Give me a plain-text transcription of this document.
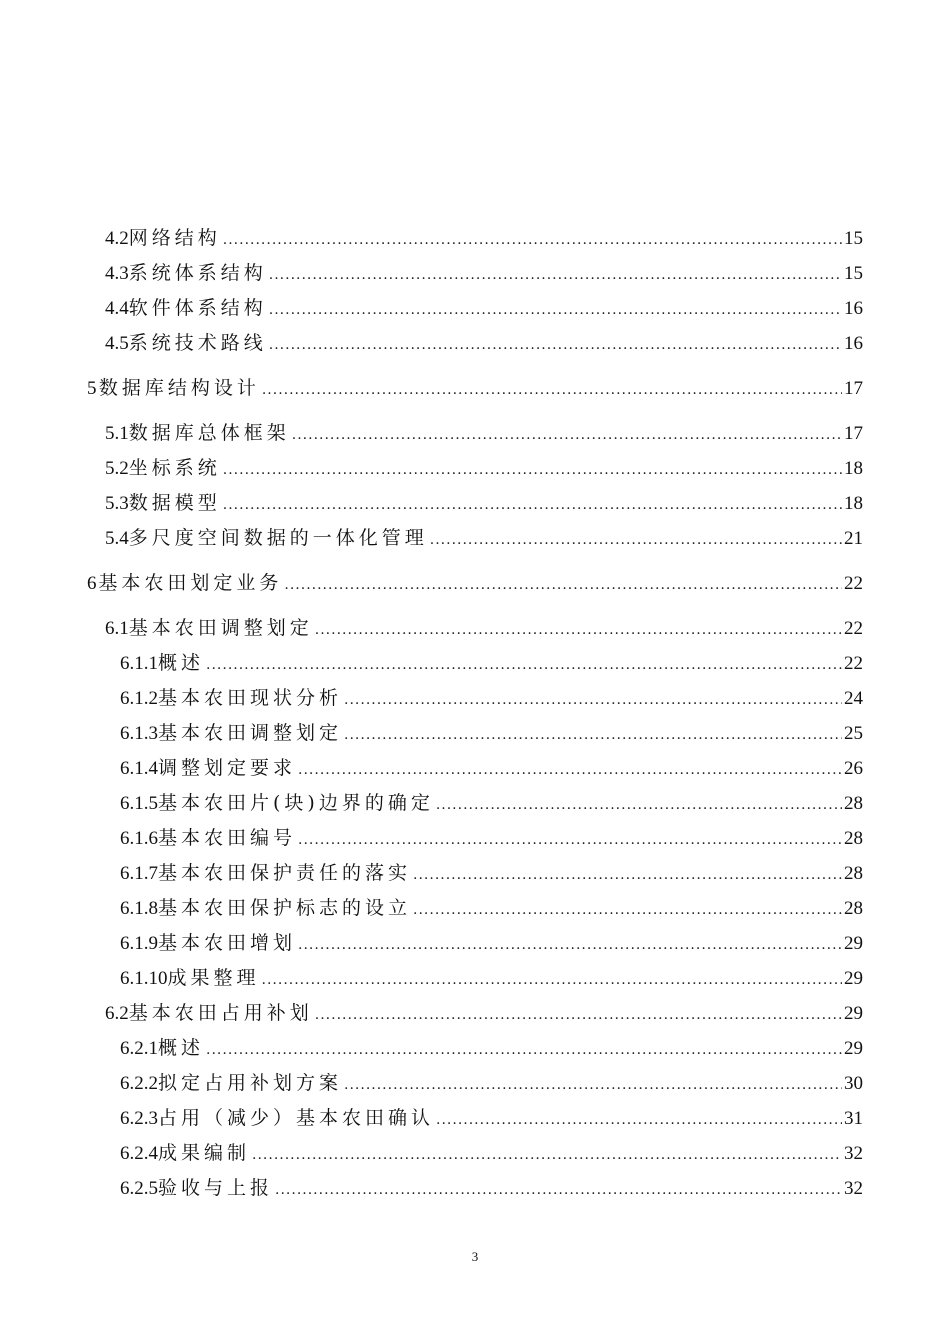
4.2 网络结构 .....	15
4.3 系统体系结构 .....	15
4.4 软件体系结构 .....	16
4.5 系统技术路线 .....	16
5 数据库结构设计 .....	17
5.1 数据库总体框架 .....	17
5.2 坐标系统 .....	18
5.3 数据模型 .....	18
5.4 多尺度空间数据的一体化管理 .....	21
6 基本农田划定业务 .....	22
6.1 基本农田调整划定 .....	22
6.1.1 概述 .....	22
6.1.2 基本农田现状分析 .....	24
6.1.3 基本农田调整划定 .....	25
6.1.4 调整划定要求 .....	26
6.1.5 基本农田片(块)边界的确定 .....	28
6.1.6 基本农田编号 .....	28
6.1.7 基本农田保护责任的落实 .....	28
6.1.8 基本农田保护标志的设立 .....	28
6.1.9 基本农田增划 .....	29
6.1.10 成果整理 .....	29
6.2 基本农田占用补划 .....	29
6.2.1 概述 .....	29
6.2.2 拟定占用补划方案 .....	30
6.2.3 占用（减少）基本农田确认 .....	31
6.2.4 成果编制 .....	32
6.2.5 验收与上报 .....	32
3
